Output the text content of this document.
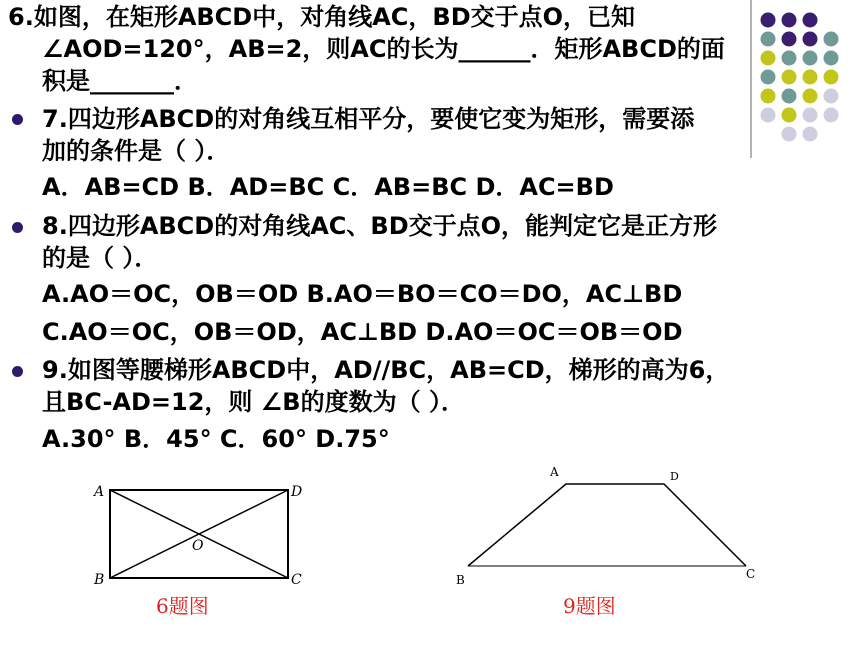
6.如图，在矩形ABCD中，对角线AC，BD交于点O，已知
∠AOD=120°，AB=2，则AC的长为______．矩形ABCD的面
积是_______．
7.四边形ABCD的对角线互相平分，要使它变为矩形，需要添
加的条件是（ ）．
A．AB=CD B．AD=BC C．AB=BC D．AC=BD
8.四边形ABCD的对角线AC、BD交于点O，能判定它是正方形
的是（ ）．
A.AO＝OC，OB＝OD B.AO＝BO＝CO＝DO，AC⊥BD
C.AO＝OC，OB＝OD，AC⊥BD D.AO＝OC＝OB＝OD
9.如图等腰梯形ABCD中，AD//BC，AB=CD，梯形的高为6，
且BC-AD=12，则 ∠B的度数为（ ）．
A.30° B．45° C．60° D.75°
A
B	C
D
O
6题图
A
B	C
D
9题图
